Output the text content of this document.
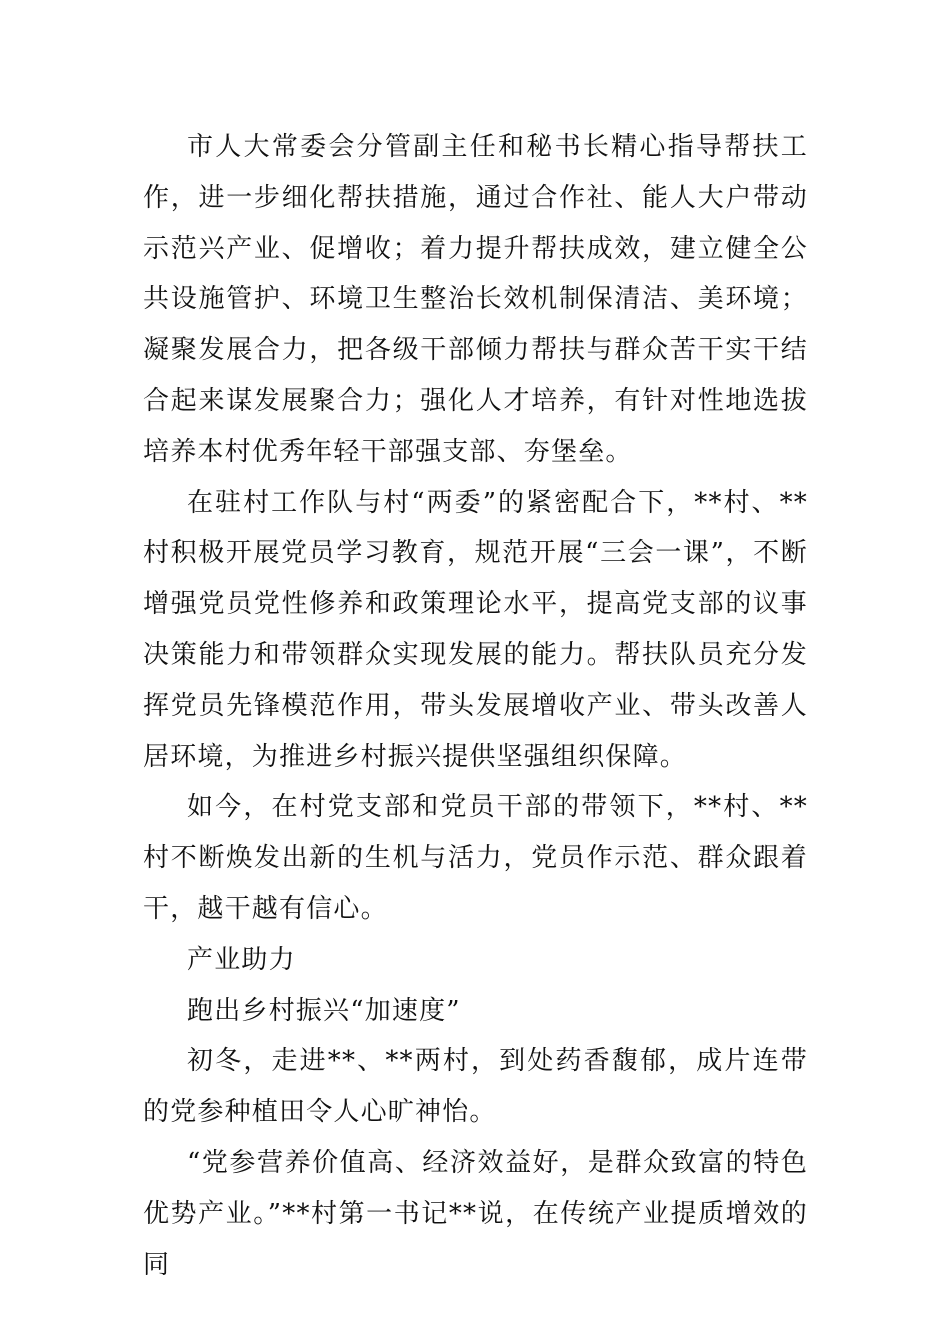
市人大常委会分管副主任和秘书长精心指导帮扶工作，进一步细化帮扶措施，通过合作社、能人大户带动示范兴产业、促增收；着力提升帮扶成效，建立健全公共设施管护、环境卫生整治长效机制保清洁、美环境；凝聚发展合力，把各级干部倾力帮扶与群众苦干实干结合起来谋发展聚合力；强化人才培养，有针对性地选拔培养本村优秀年轻干部强支部、夯堡垒。

在驻村工作队与村“两委”的紧密配合下，**村、**村积极开展党员学习教育，规范开展“三会一课”，不断增强党员党性修养和政策理论水平，提高党支部的议事决策能力和带领群众实现发展的能力。帮扶队员充分发挥党员先锋模范作用，带头发展增收产业、带头改善人居环境，为推进乡村振兴提供坚强组织保障。

如今，在村党支部和党员干部的带领下，**村、**村不断焕发出新的生机与活力，党员作示范、群众跟着干，越干越有信心。

产业助力

跑出乡村振兴“加速度”

初冬，走进**、**两村，到处药香馥郁，成片连带的党参种植田令人心旷神怡。

“党参营养价值高、经济效益好，是群众致富的特色优势产业。”**村第一书记**说，在传统产业提质增效的同
